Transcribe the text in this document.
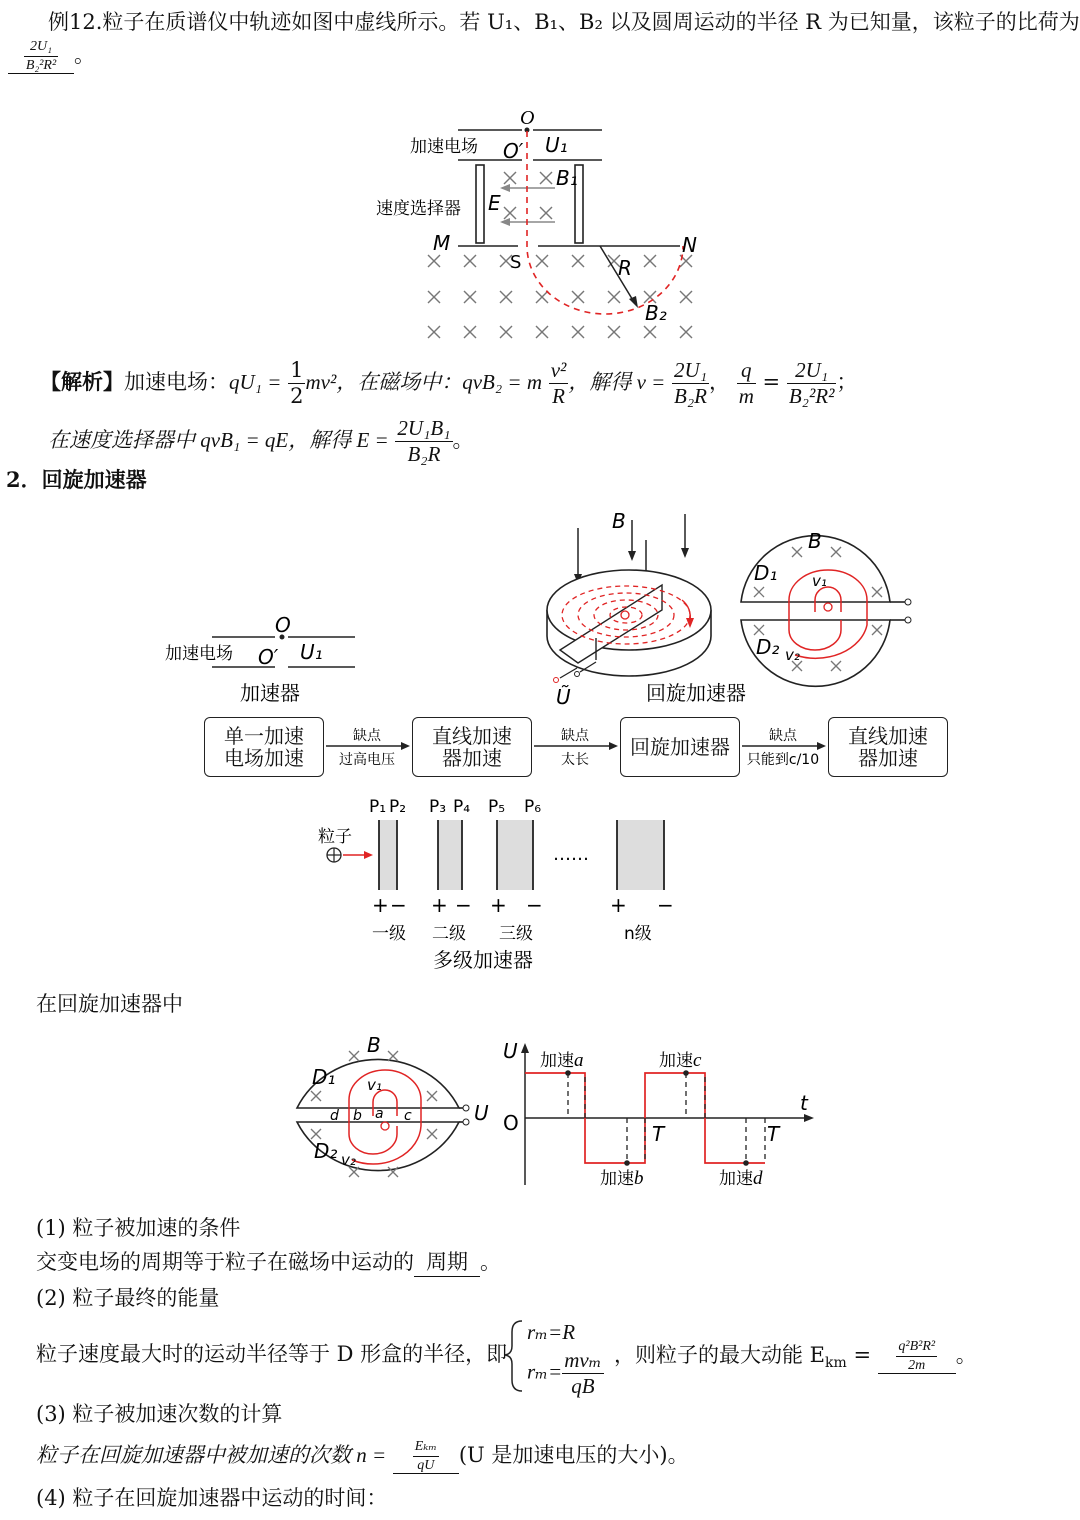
例12.粒子在质谱仪中轨迹如图中虚线所示。若 U₁、B₁、B₂ 以及圆周运动的半径 R 为已知量，该粒子的比荷为
$\frac{\text{2U₁}}{\text{B₂²R²}}$ 。
O
O′ U₁
B₁
E
M	N
S	R
B₂
加速电场
速度选择器
【解析】加速电场：$qU_1 = \frac{1}{2} mv^2$，在磁场中：qvB₂ = m $\frac{\text{v²}}{R}$ ，解得 $v = \frac{\text{2U₁}}{\text{B₂R}}$ ， $\frac{q}{m} = \frac{\text{2U₁}}{\text{B₂²R²}}$ ；
在速度选择器中 qvB₁ = qE，解得 $E = \frac{\text{2U₁B₁}}{\text{B₂R}}$ 。
2．回旋加速器
B
Ũ	回旋加速器
B
D₁ v₁
D₂ v₂
O
O′ U₁
加速电场
加速器
单一加速
电场加速
直线加速
器加速	回旋加速器	直线加速
器加速
缺点
过高电压
缺点
太长
缺点
只能到c/10
粒子
P₁ P₂ P₃ P₄ P₅ P₆
……
+ − + − + −	+ −
一级 二级 三级	n级
多级加速器
在回旋加速器中
B
D₁ v₁
D₂ v₂
d b a c	U
U
t
O	T	T
加速a	加速c
加速b	加速d
(1) 粒子被加速的条件
交变电场的周期等于粒子在磁场中运动的 周期 。
(2) 粒子最终的能量
粒子速度最大时的运动半径等于 D 形盒的半径，即
rₘ=R
$r_m= \frac{\text{mvₘ}}{qB}$ ，则粒子的最大动能 $E_{km} = \frac{\text{q²B²R²}}{2m}$ 。
(3) 粒子被加速次数的计算
粒子在回旋加速器中被加速的次数 $n = \frac{\text{Eₖₘ}}{qU} (U$ 是加速电压的大小)。
(4) 粒子在回旋加速器中运动的时间：
